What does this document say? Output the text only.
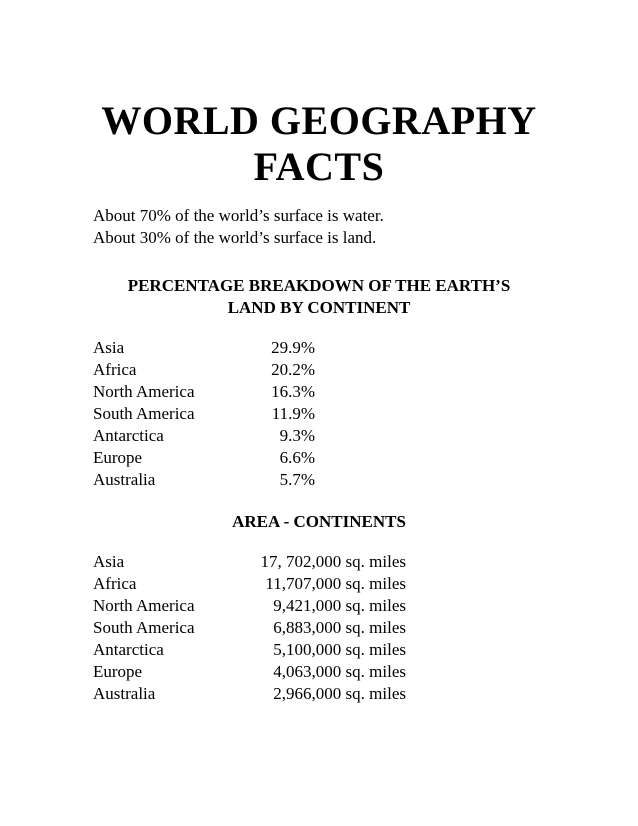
WORLD GEOGRAPHY
FACTS
About 70% of the world’s surface is water.
About 30% of the world’s surface is land.
PERCENTAGE BREAKDOWN OF THE EARTH’S
LAND BY CONTINENT
Asia	29.9%
Africa	20.2%
North America	16.3%
South America	11.9%
Antarctica	9.3%
Europe	6.6%
Australia	5.7%
AREA - CONTINENTS
Asia	17, 702,000 sq. miles
Africa	11,707,000 sq. miles
North America	9,421,000 sq. miles
South America	6,883,000 sq. miles
Antarctica	5,100,000 sq. miles
Europe	4,063,000 sq. miles
Australia	2,966,000 sq. miles
